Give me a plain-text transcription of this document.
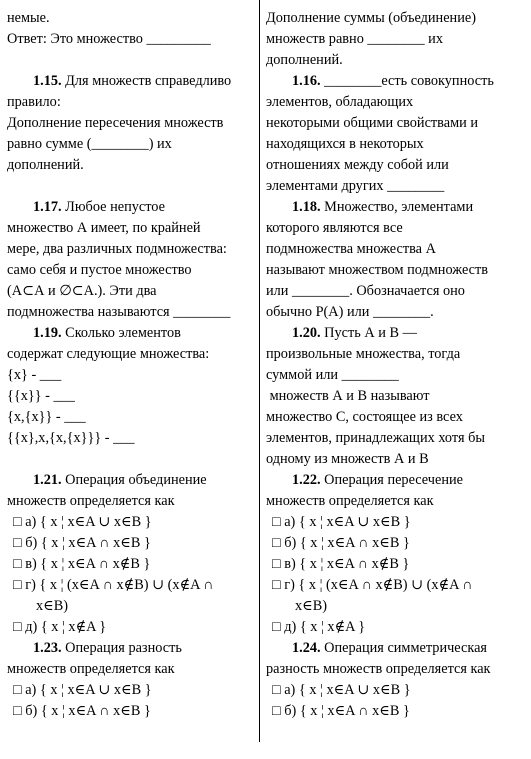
немые.
Ответ: Это множество _________
1.15. Для множеств справедливо
правило:
Дополнение пересечения множеств
равно сумме (________) их
дополнений.
1.17. Любое непустое
множество А имеет, по крайней
мере, два различных подмножества:
само себя и пустое множество
(А⊂А и ∅⊂А.). Эти два
подмножества называются ________
1.19. Сколько элементов
содержат следующие множества:
{x} - ___
{{x}} - ___
{x,{x}} - ___
{{x},x,{x,{x}}} - ___
1.21. Операция объединение
множеств определяется как
□ а) { x ¦ x∈A ∪ x∈B }
□ б) { x ¦ x∈A ∩ x∈B }
□ в) { x ¦ x∈A ∩ x∉B }
□ г) { x ¦ (x∈A ∩ x∉B) ∪ (x∉A ∩
x∈B)
□ д) { x ¦ x∉A }
1.23. Операция разность
множеств определяется как
□ а) { x ¦ x∈A ∪ x∈B }
□ б) { x ¦ x∈A ∩ x∈B }
Дополнение суммы (объединение)
множеств равно ________ их
дополнений.
1.16. ________есть совокупность
элементов, обладающих
некоторыми общими свойствами и
находящихся в некоторых
отношениях между собой или
элементами других ________
1.18. Множество, элементами
которого являются все
подмножества множества А
называют множеством подмножеств
или ________. Обозначается оно
обычно Р(А) или ________.
1.20. Пусть А и В —
произвольные множества, тогда
суммой или ________
множеств А и В называют
множество С, состоящее из всех
элементов, принадлежащих хотя бы
одному из множеств А и В
1.22. Операция пересечение
множеств определяется как
□ а) { x ¦ x∈A ∪ x∈B }
□ б) { x ¦ x∈A ∩ x∈B }
□ в) { x ¦ x∈A ∩ x∉B }
□ г) { x ¦ (x∈A ∩ x∉B) ∪ (x∉A ∩
x∈B)
□ д) { x ¦ x∉A }
1.24. Операция симметрическая
разность множеств определяется как
□ а) { x ¦ x∈A ∪ x∈B }
□ б) { x ¦ x∈A ∩ x∈B }
